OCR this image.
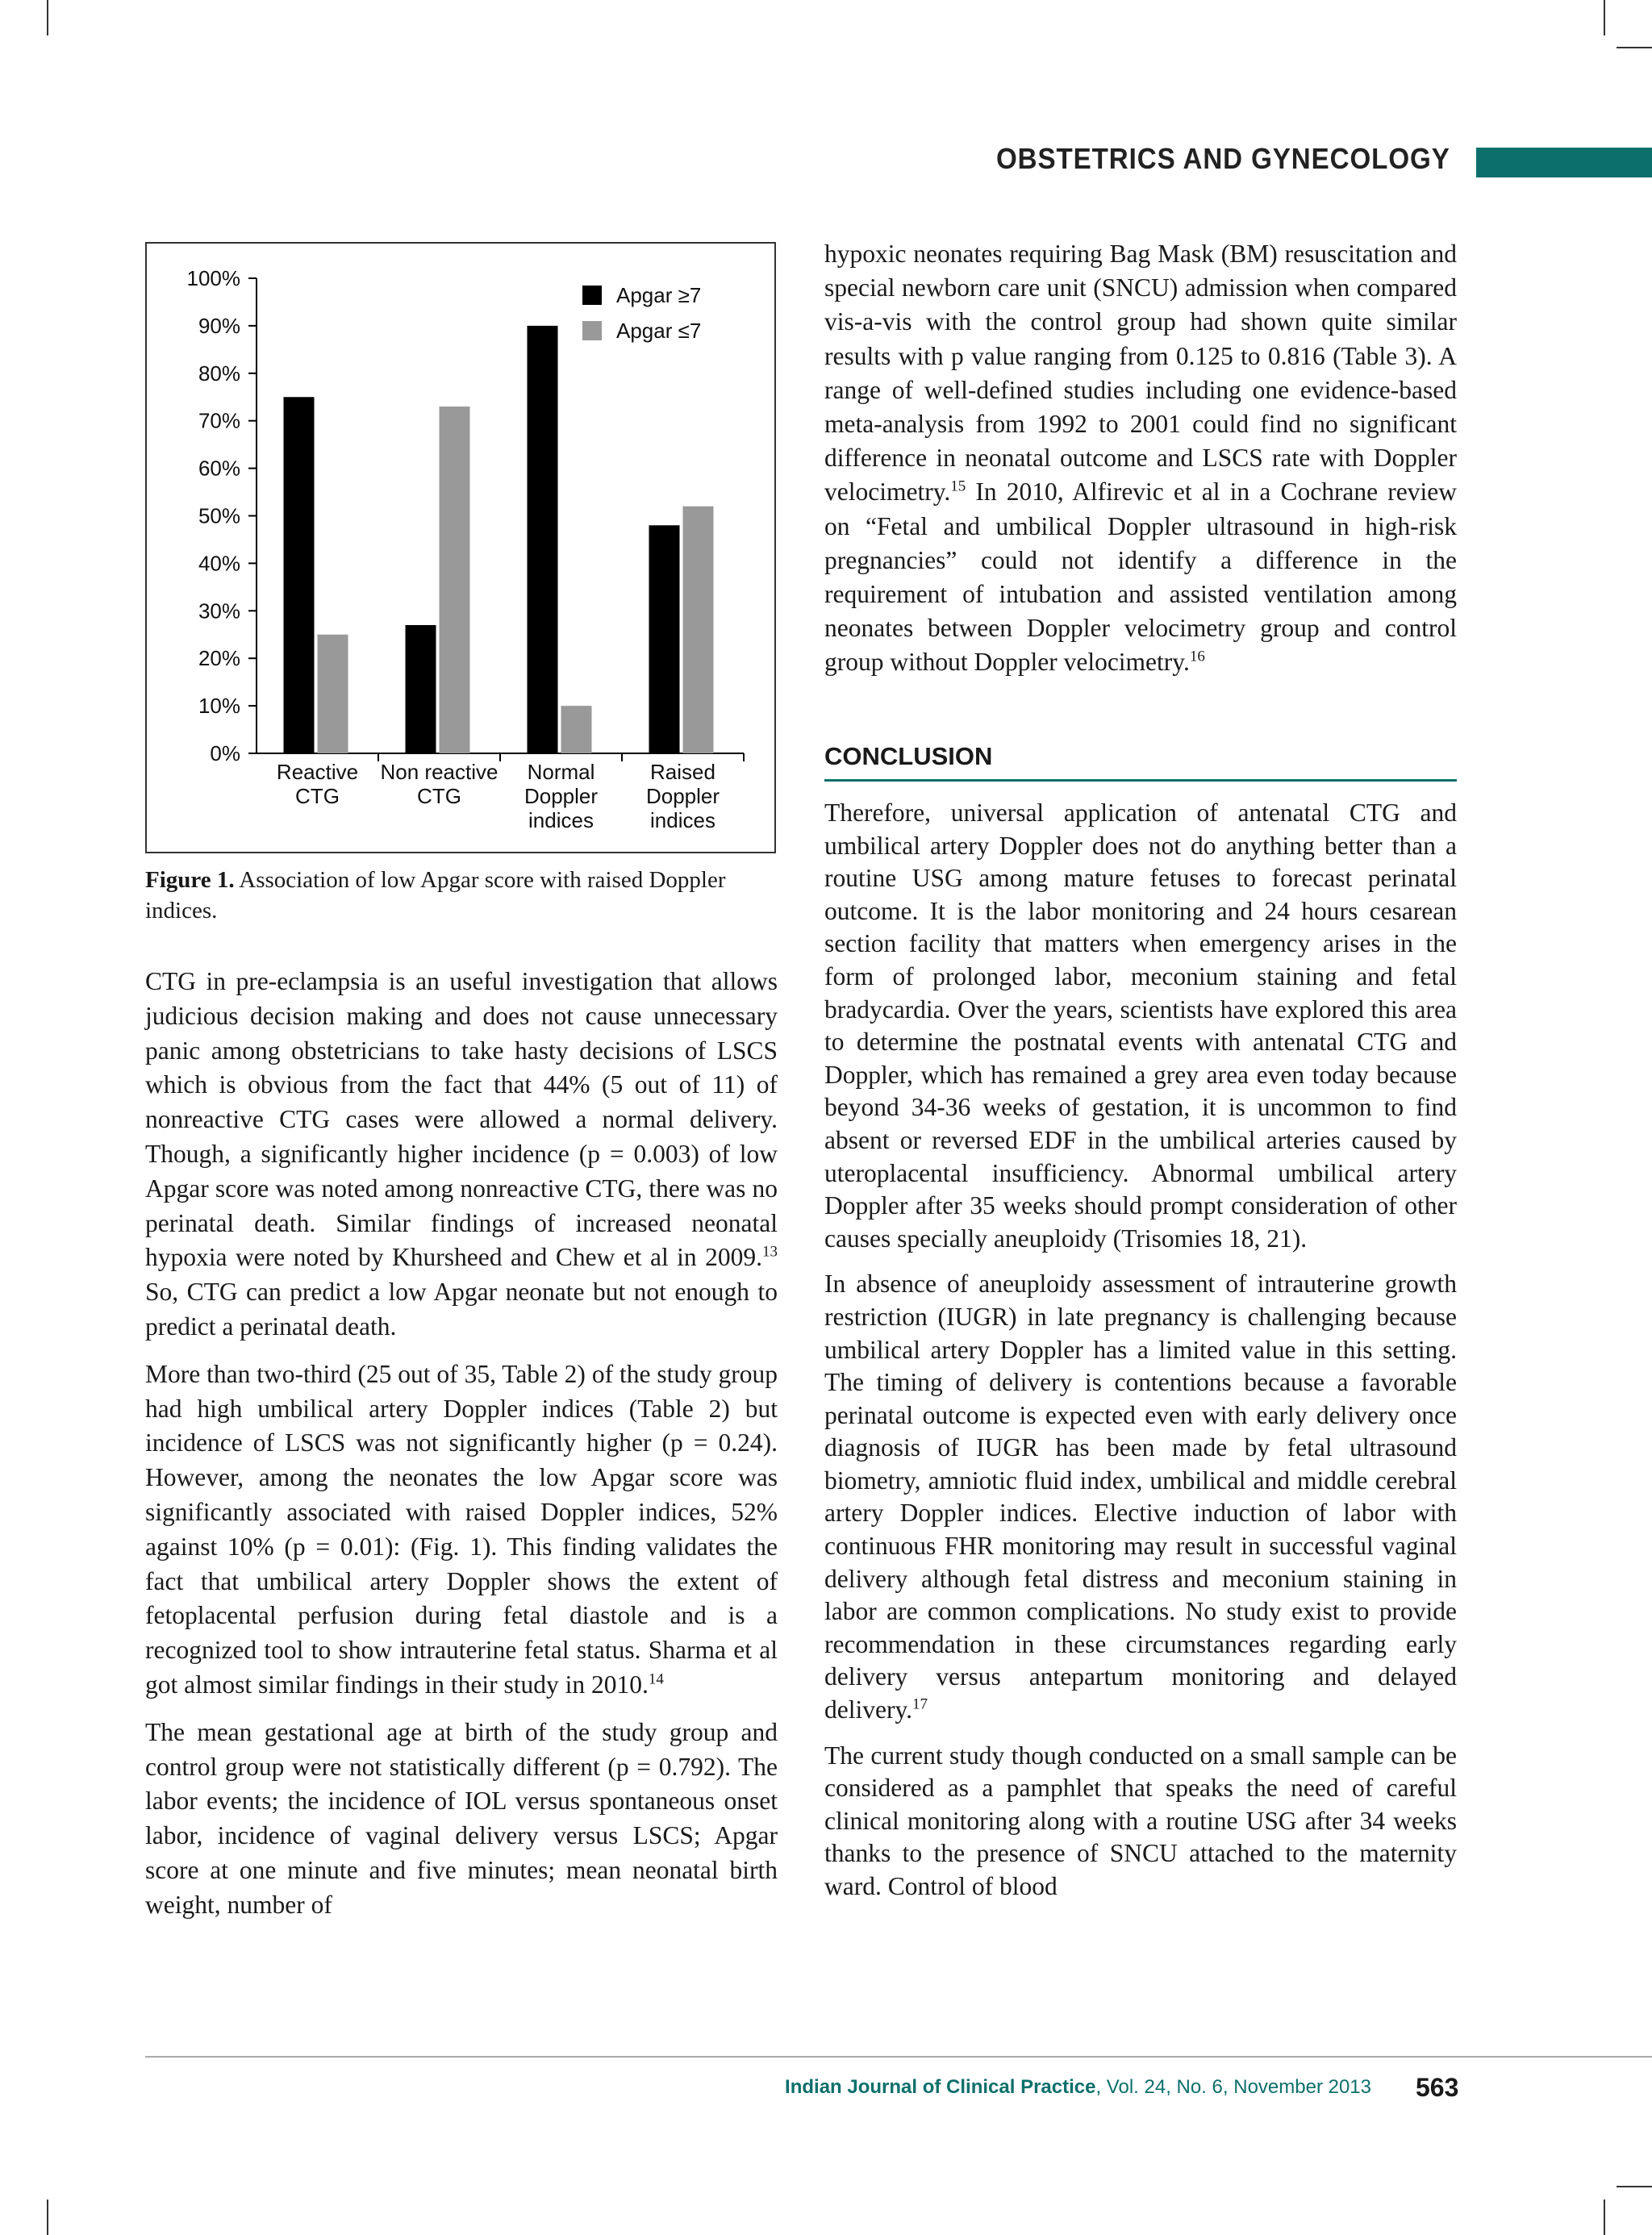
OBSTETRICS AND GYNECOLOGY
0%
10%
20%
30%
40%
50%
60%
70%
80%
90%
100%
Reactive
CTG
Non reactive
CTG
Normal
Doppler
indices
Raised
Doppler
indices
Apgar ≥7
Apgar ≤7
Figure 1. Association of low Apgar score with raised Doppler indices.

CTG in pre-eclampsia is an useful investigation that allows judicious decision making and does not cause unnecessary panic among obstetricians to take hasty decisions of LSCS which is obvious from the fact that 44% (5 out of 11) of nonreactive CTG cases were allowed a normal delivery. Though, a significantly higher incidence (p = 0.003) of low Apgar score was noted among nonreactive CTG, there was no perinatal death. Similar findings of increased neonatal hypoxia were noted by Khursheed and Chew et al in 2009.13 So, CTG can predict a low Apgar neonate but not enough to predict a perinatal death.

More than two-third (25 out of 35, Table 2) of the study group had high umbilical artery Doppler indices (Table 2) but incidence of LSCS was not significantly higher (p = 0.24). However, among the neonates the low Apgar score was significantly associated with raised Doppler indices, 52% against 10% (p = 0.01): (Fig. 1). This finding validates the fact that umbilical artery Doppler shows the extent of fetoplacental perfusion during fetal diastole and is a recognized tool to show intrauterine fetal status. Sharma et al got almost similar findings in their study in 2010.14

The mean gestational age at birth of the study group and control group were not statistically different (p = 0.792). The labor events; the incidence of IOL versus spontaneous onset labor, incidence of vaginal delivery versus LSCS; Apgar score at one minute and five minutes; mean neonatal birth weight, number of

hypoxic neonates requiring Bag Mask (BM) resuscitation and special newborn care unit (SNCU) admission when compared vis-a-vis with the control group had shown quite similar results with p value ranging from 0.125 to 0.816 (Table 3). A range of well-defined studies including one evidence-based meta-analysis from 1992 to 2001 could find no significant difference in neonatal outcome and LSCS rate with Doppler velocimetry.$^{15}$ In 2010, Alfirevic et al in a Cochrane review on “Fetal and umbilical Doppler ultrasound in high-risk pregnancies” could not identify a difference in the requirement of intubation and assisted ventilation among neonates between Doppler velocimetry group and control group without Doppler velocimetry.$^{16}$

CONCLUSION

Therefore, universal application of antenatal CTG and umbilical artery Doppler does not do anything better than a routine USG among mature fetuses to forecast perinatal outcome. It is the labor monitoring and 24 hours cesarean section facility that matters when emergency arises in the form of prolonged labor, meconium staining and fetal bradycardia. Over the years, scientists have explored this area to determine the postnatal events with antenatal CTG and Doppler, which has remained a grey area even today because beyond 34-36 weeks of gestation, it is uncommon to find absent or reversed EDF in the umbilical arteries caused by uteroplacental insufficiency. Abnormal umbilical artery Doppler after 35 weeks should prompt consideration of other causes specially aneuploidy (Trisomies 18, 21).

In absence of aneuploidy assessment of intrauterine growth restriction (IUGR) in late pregnancy is challenging because umbilical artery Doppler has a limited value in this setting. The timing of delivery is contentions because a favorable perinatal outcome is expected even with early delivery once diagnosis of IUGR has been made by fetal ultrasound biometry, amniotic fluid index, umbilical and middle cerebral artery Doppler indices. Elective induction of labor with continuous FHR monitoring may result in successful vaginal delivery although fetal distress and meconium staining in labor are common complications. No study exist to provide recommendation in these circumstances regarding early delivery versus antepartum monitoring and delayed delivery.$^{17}$

The current study though conducted on a small sample can be considered as a pamphlet that speaks the need of careful clinical monitoring along with a routine USG after 34 weeks thanks to the presence of SNCU attached to the maternity ward. Control of blood

Indian Journal of Clinical Practice, Vol. 24, No. 6, November 2013 563
